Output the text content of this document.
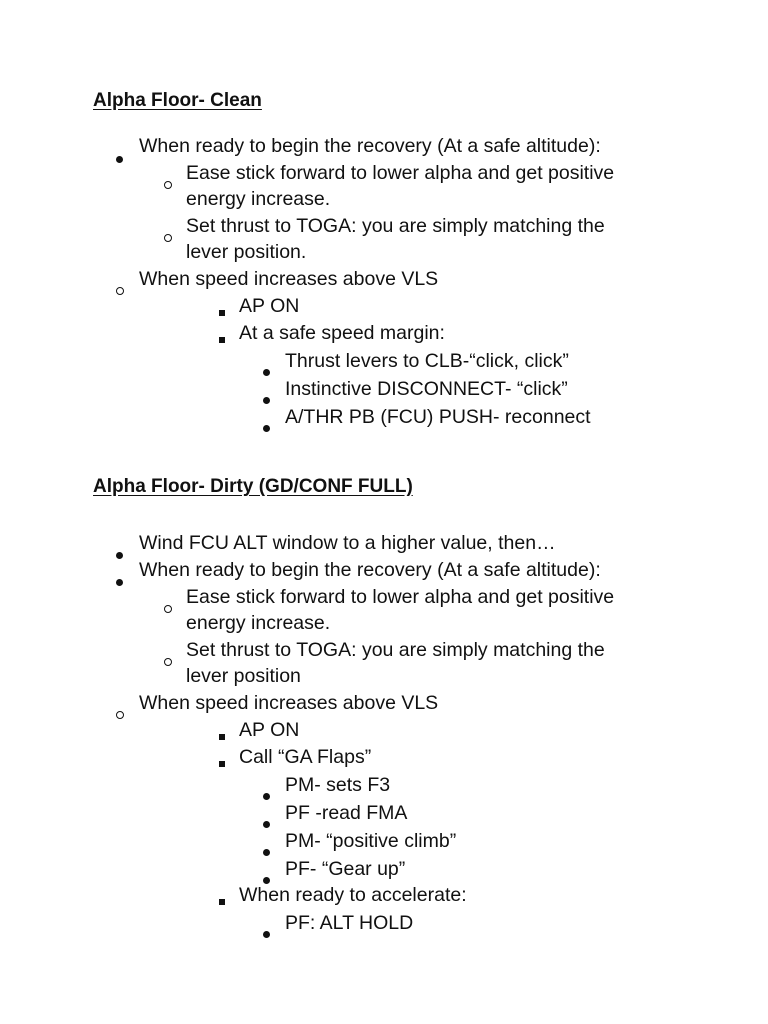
Alpha Floor- Clean
When ready to begin the recovery (At a safe altitude):
Ease stick forward to lower alpha and get positive
energy increase.
Set thrust to TOGA: you are simply matching the
lever position.
When speed increases above VLS
AP ON
At a safe speed margin:
Thrust levers to CLB-“click, click”
Instinctive DISCONNECT- “click”
A/THR PB (FCU) PUSH- reconnect
Alpha Floor- Dirty (GD/CONF FULL)
Wind FCU ALT window to a higher value, then…
When ready to begin the recovery (At a safe altitude):
Ease stick forward to lower alpha and get positive
energy increase.
Set thrust to TOGA: you are simply matching the
lever position
When speed increases above VLS
AP ON
Call “GA Flaps”
PM- sets F3
PF -read FMA
PM- “positive climb”
PF- “Gear up”
When ready to accelerate:
PF: ALT HOLD
